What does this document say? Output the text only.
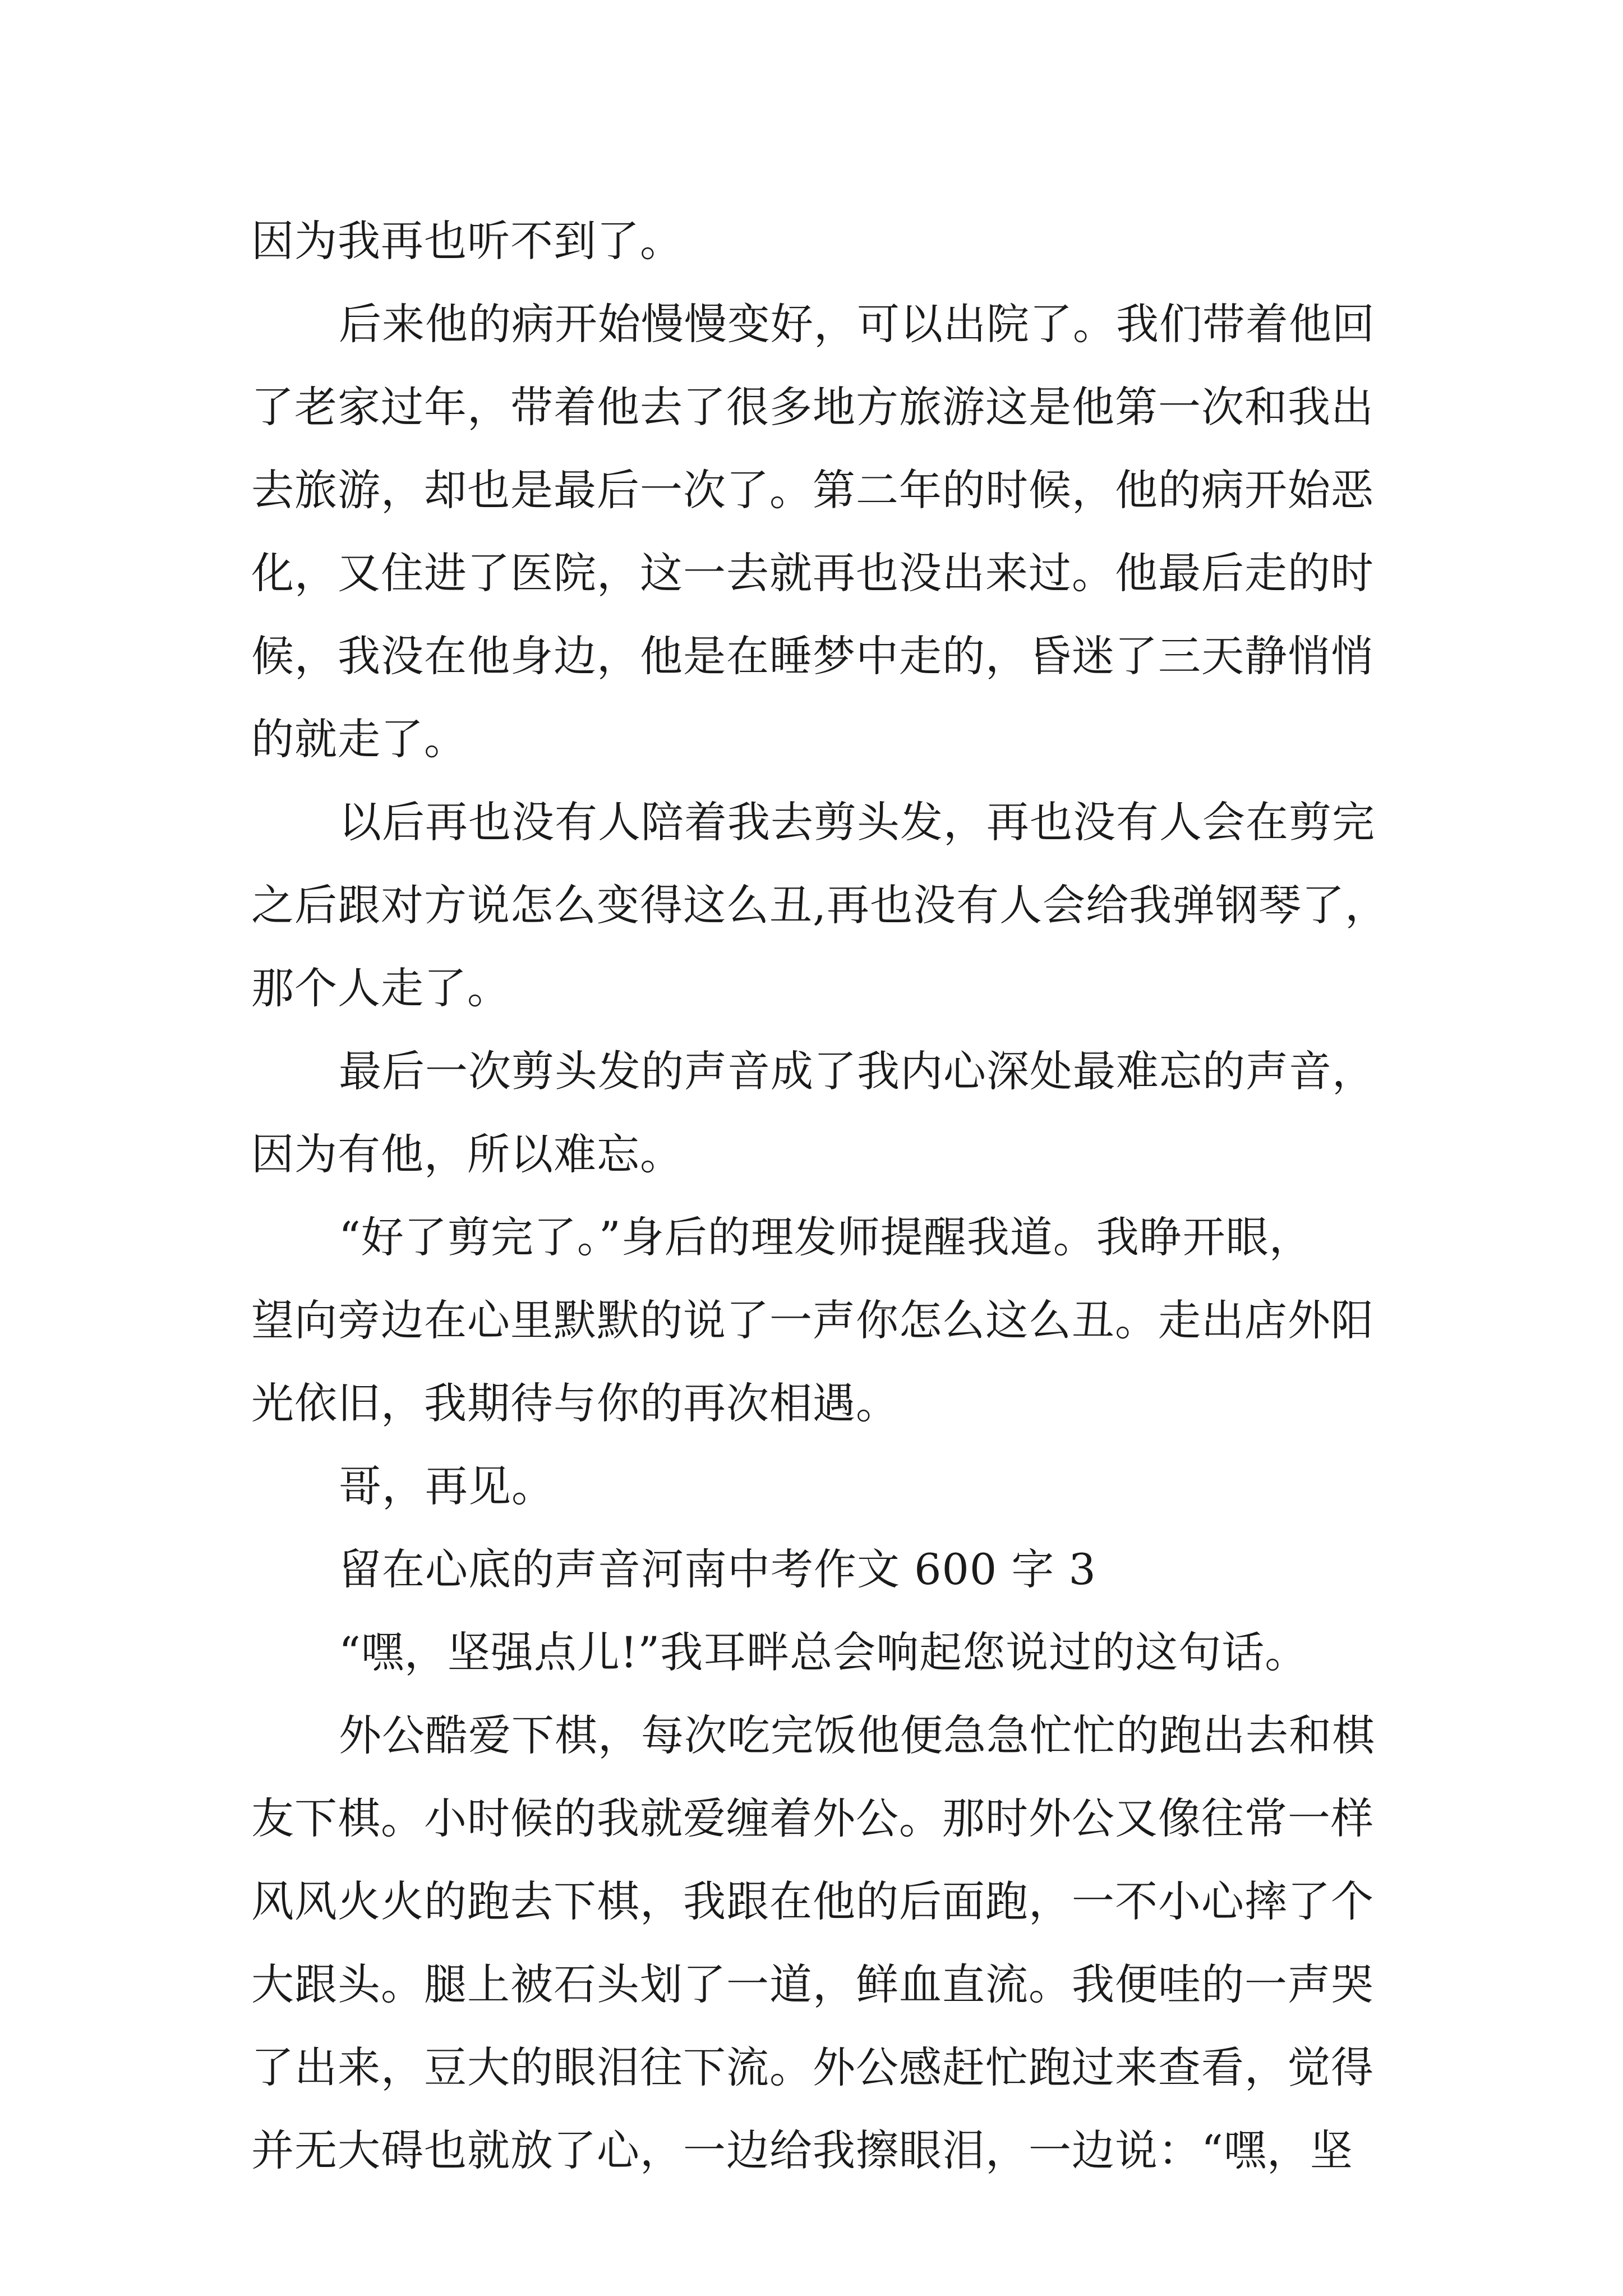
因为我再也听不到了。
后来他的病开始慢慢变好，可以出院了。我们带着他回
了老家过年，带着他去了很多地方旅游这是他第一次和我出
去旅游，却也是最后一次了。第二年的时候，他的病开始恶
化，又住进了医院，这一去就再也没出来过。他最后走的时
候，我没在他身边，他是在睡梦中走的，昏迷了三天静悄悄
的就走了。
以后再也没有人陪着我去剪头发，再也没有人会在剪完
之后跟对方说怎么变得这么丑,再也没有人会给我弹钢琴了，
那个人走了。
最后一次剪头发的声音成了我内心深处最难忘的声音，
因为有他，所以难忘。
“好了剪完了。”身后的理发师提醒我道。我睁开眼，
望向旁边在心里默默的说了一声你怎么这么丑。走出店外阳
光依旧，我期待与你的再次相遇。
哥，再见。
留在心底的声音河南中考作文 600 字 3
“嘿，坚强点儿!”我耳畔总会响起您说过的这句话。
外公酷爱下棋，每次吃完饭他便急急忙忙的跑出去和棋
友下棋。小时候的我就爱缠着外公。那时外公又像往常一样
风风火火的跑去下棋，我跟在他的后面跑，一不小心摔了个
大跟头。腿上被石头划了一道，鲜血直流。我便哇的一声哭
了出来，豆大的眼泪往下流。外公感赶忙跑过来查看，觉得
并无大碍也就放了心，一边给我擦眼泪，一边说：“嘿，坚
